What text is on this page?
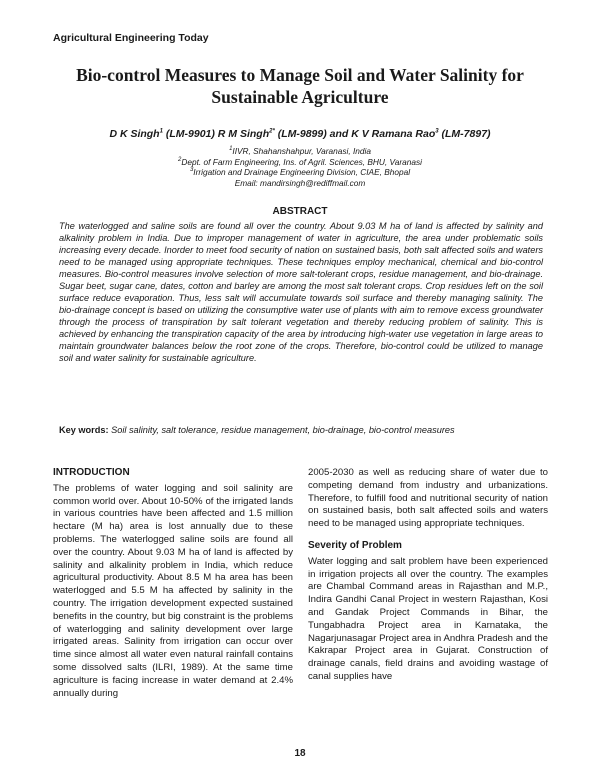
Agricultural Engineering Today
Bio-control Measures to Manage Soil and Water Salinity for
Sustainable Agriculture
D K Singh$^1$ (LM-9901) R M Singh$^{2*}$ (LM-9899) and K V Ramana Rao$^3$ (LM-7897)
$^1$IIVR, Shahanshahpur, Varanasi, India
$^2$Dept. of Farm Engineering, Ins. of Agril. Sciences, BHU, Varanasi
$^3$Irrigation and Drainage Engineering Division, CIAE, Bhopal
Email: mandirsingh@rediffmail.com
ABSTRACT
The waterlogged and saline soils are found all over the country. About 9.03 M ha of land is affected by salinity and alkalinity problem in India. Due to improper management of water in agriculture, the area under problematic soils increasing every decade. Inorder to meet food security of nation on sustained basis, both salt affected soils and waters need to be managed using appropriate techniques. These techniques employ mechanical, chemical and bio-control measures. Bio-control measures involve selection of more salt-tolerant crops, residue management, and bio-drainage. Sugar beet, sugar cane, dates, cotton and barley are among the most salt tolerant crops. Crop residues left on the soil surface reduce evaporation. Thus, less salt will accumulate towards soil surface and thereby managing salinity. The bio-drainage concept is based on utilizing the consumptive water use of plants with aim to remove excess groundwater through the process of transpiration by salt tolerant vegetation and thereby reducing problem of salinity. This is achieved by enhancing the transpiration capacity of the area by introducing high-water use vegetation in large areas to maintain groundwater balances below the root zone of the crops. Therefore, bio-control could be utilized to manage soil and water salinity for sustainable agriculture.
Key words: Soil salinity, salt tolerance, residue management, bio-drainage, bio-control measures
INTRODUCTION

The problems of water logging and soil salinity are common world over. About 10-50% of the irrigated lands in various countries have been affected and 1.5 million hectare (M ha) area is lost annually due to these problems. The waterlogged saline soils are found all over the country. About 9.03 M ha of land is affected by salinity and alkalinity problem in India, which reduce agricultural productivity. About 8.5 M ha area has been waterlogged and 5.5 M ha affected by salinity in the country. The irrigation development expected sustained benefits in the country, but big constraint is the problems of waterlogging and salinity development over large irrigated areas. Salinity from irrigation can occur over time since almost all water even natural rainfall contains some dissolved salts (ILRI, 1989). At the same time agriculture is facing increase in water demand at 2.4% annually during

2005-2030 as well as reducing share of water due to competing demand from industry and urbanizations. Therefore, to fulfill food and nutritional security of nation on sustained basis, both salt affected soils and waters need to be managed using appropriate techniques.

Severity of Problem

Water logging and salt problem have been experienced in irrigation projects all over the country. The examples are Chambal Command areas in Rajasthan and M.P., Indira Gandhi Canal Project in western Rajasthan, Kosi and Gandak Project Commands in Bihar, the Tungabhadra Project area in Karnataka, the Nagarjunasagar Project area in Andhra Pradesh and the Kakrapar Project area in Gujarat. Construction of drainage canals, field drains and avoiding wastage of canal supplies have

18
